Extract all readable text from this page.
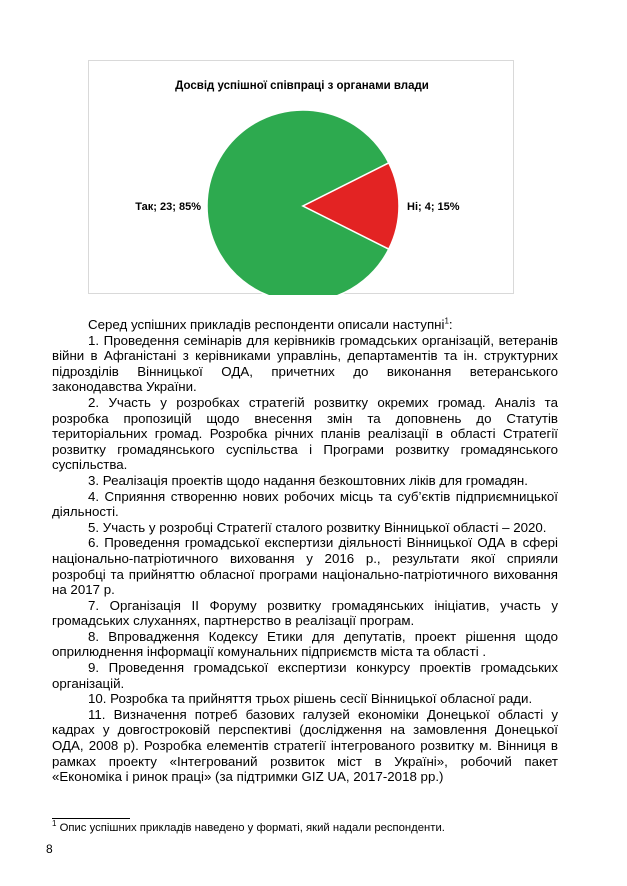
Досвід успішної співпраці з органами влади
Так; 23; 85%	Ні; 4; 15%

Серед успішних прикладів респонденти описали наступні$^1$:

1. Проведення семінарів для керівників громадських організацій, ветеранів війни в Афганістані з керівниками управлінь, департаментів та ін. структурних підрозділів Вінницької ОДА, причетних до виконання ветеранського законодавства України.

2. Участь у розробках стратегій розвитку окремих громад. Аналіз та розробка пропозицій щодо внесення змін та доповнень до Статутів територіальних громад. Розробка річних планів реалізації в області Стратегії розвитку громадянського суспільства і Програми розвитку громадянського суспільства.

3. Реалізація проектів щодо надання безкоштовних ліків для громадян.

4. Сприяння створенню нових робочих місць та суб’єктів підприємницької діяльності.

5. Участь у розробці Стратегії сталого розвитку Вінницької області – 2020.

6. Проведення громадської експертизи діяльності Вінницької ОДА в сфері національно-патріотичного виховання у 2016 р., результати якої сприяли розробці та прийняттю обласної програми національно-патріотичного виховання на 2017 р.

7. Організація ІІ Форуму розвитку громадянських ініціатив, участь у громадських слуханнях, партнерство в реалізації програм.

8. Впровадження Кодексу Етики для депутатів, проект рішення щодо оприлюднення інформації комунальних підприємств міста та області .

9. Проведення громадської експертизи конкурсу проектів громадських організацій.

10. Розробка та прийняття трьох рішень сесії Вінницької обласної ради.

11. Визначення потреб базових галузей економіки Донецької області у кадрах у довгостроковій перспективі (дослідження на замовлення Донецької ОДА, 2008 р). Розробка елементів стратегії інтегрованого розвитку м. Вінниця в рамках проекту «Інтегрований розвиток міст в Україні», робочий пакет «Економіка і ринок праці» (за підтримки GIZ UA, 2017-2018 рр.)

$^1$ Опис успішних прикладів наведено у форматі, який надали респонденти.
8
